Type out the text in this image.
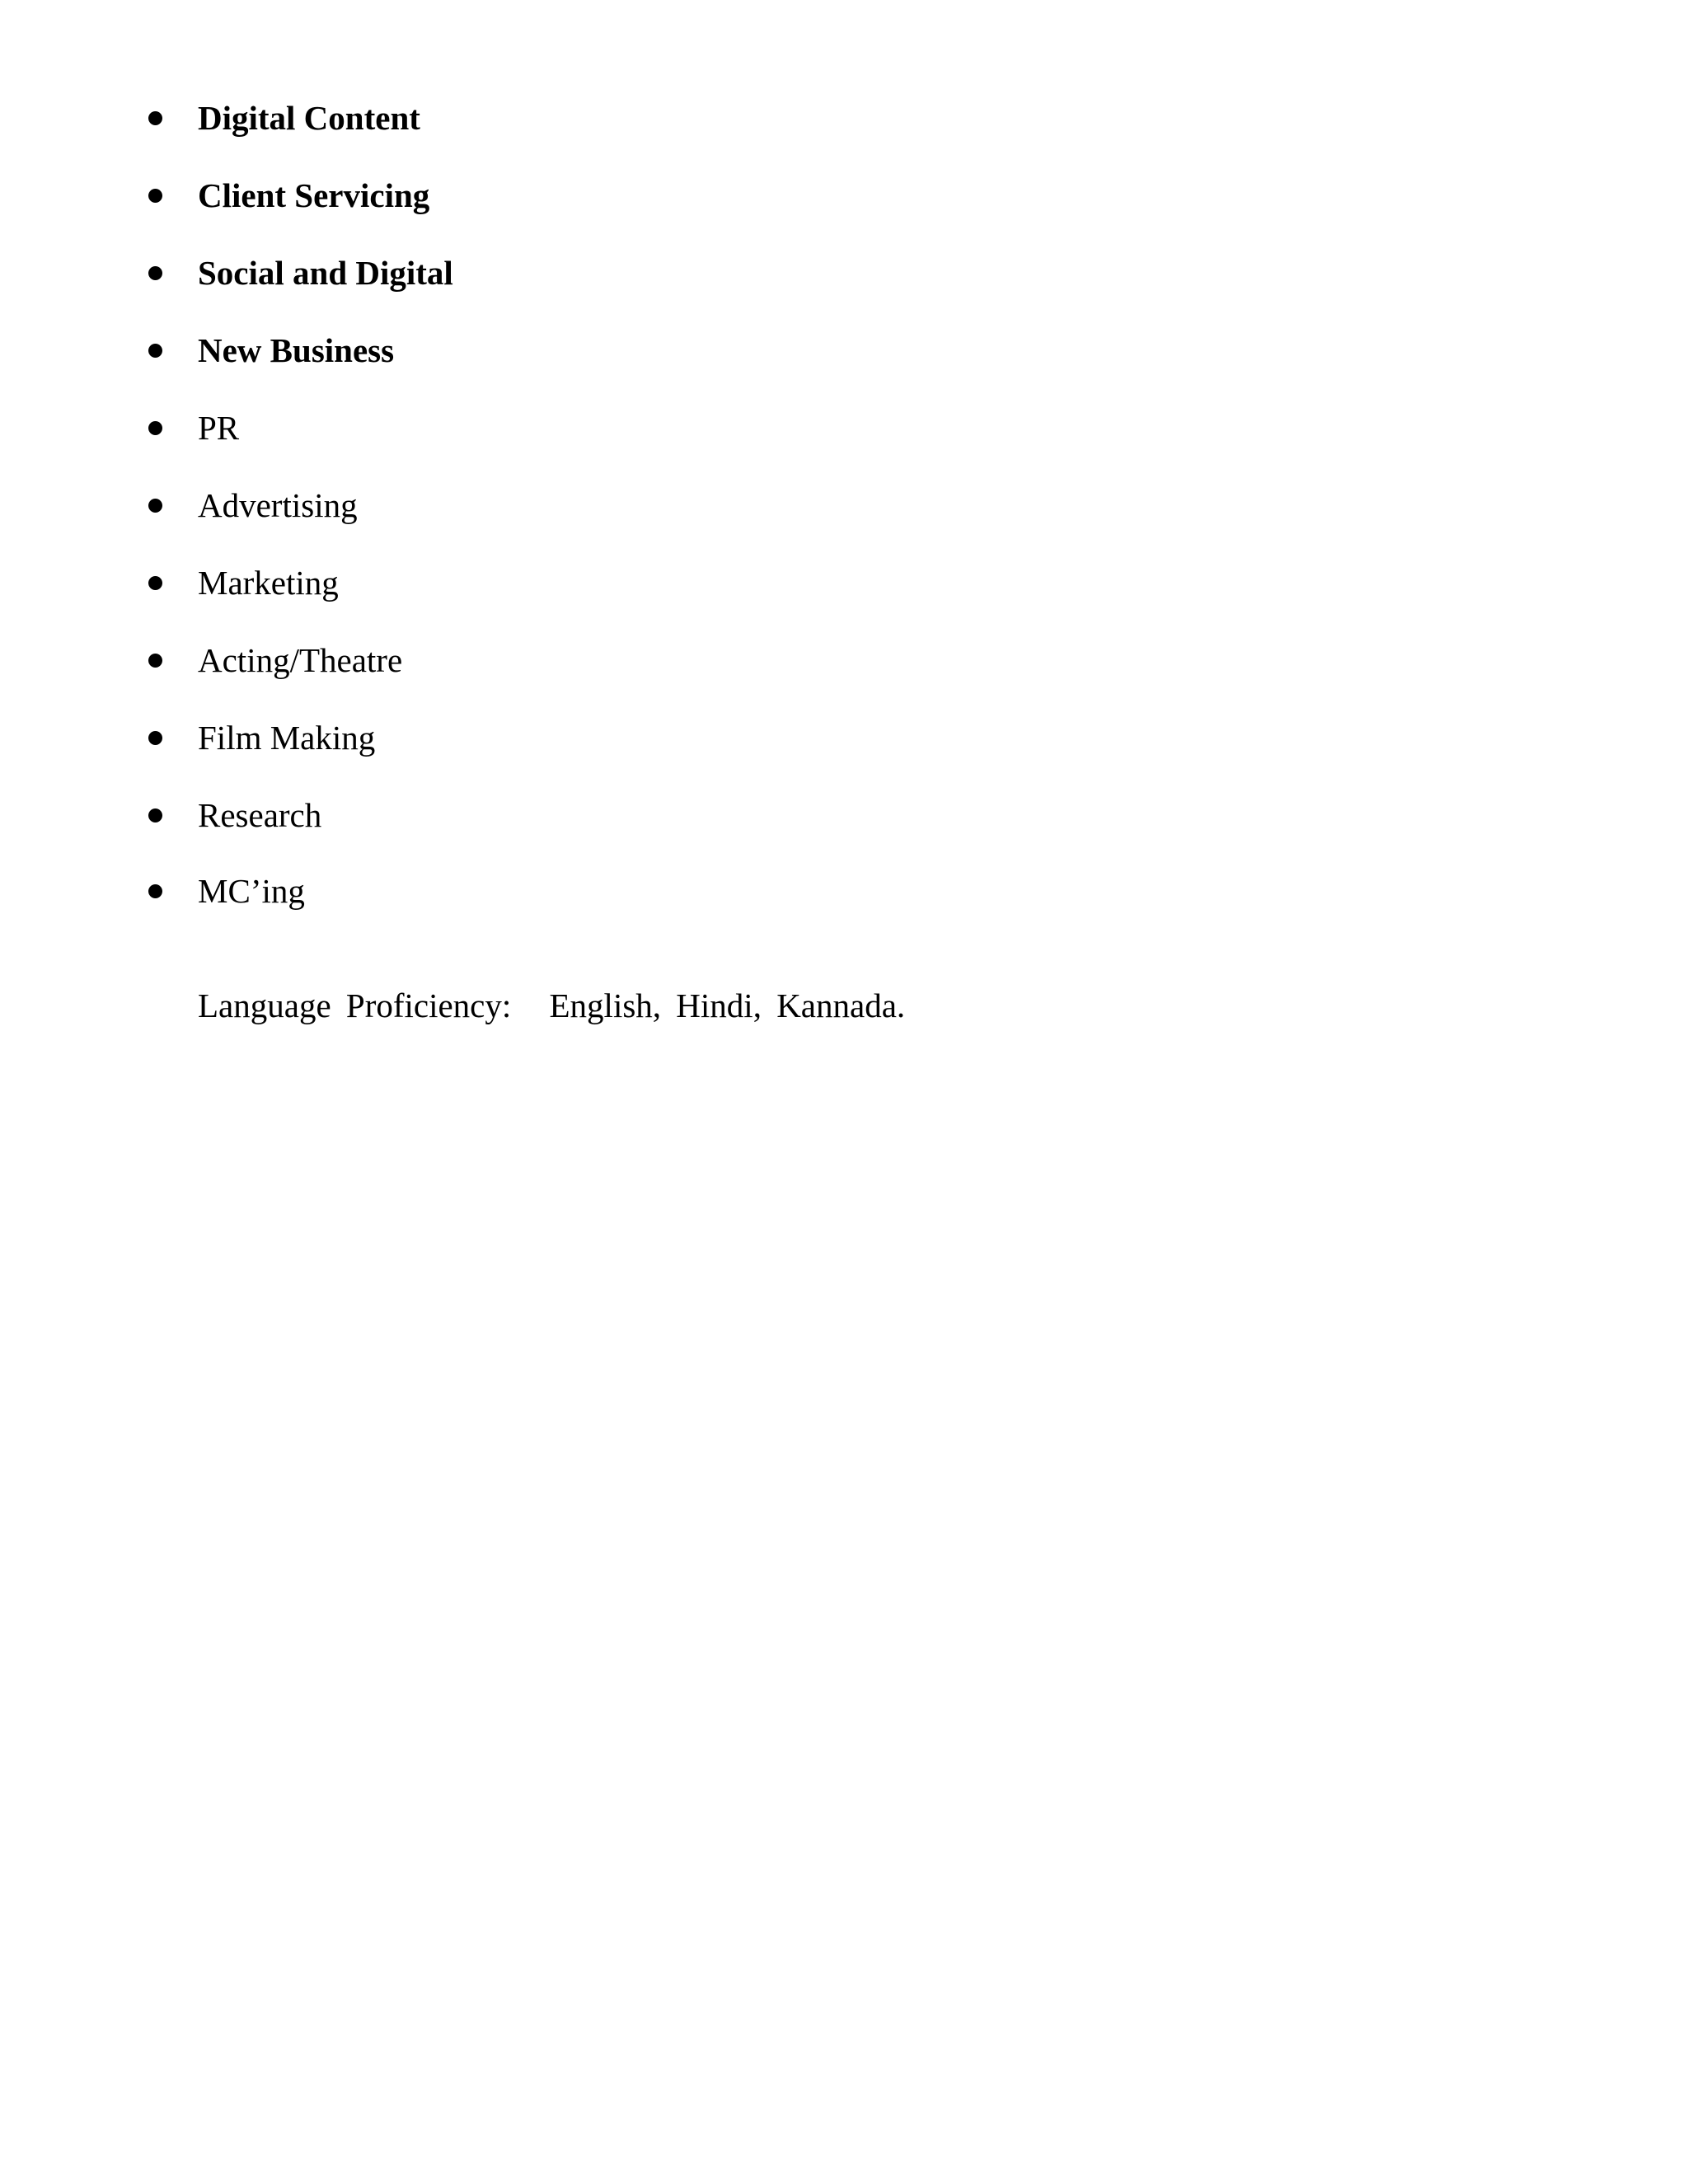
Digital Content
Client Servicing
Social and Digital
New Business
PR
Advertising
Marketing
Acting/Theatre
Film Making
Research
MC’ing
Language Proficiency: English, Hindi, Kannada.
